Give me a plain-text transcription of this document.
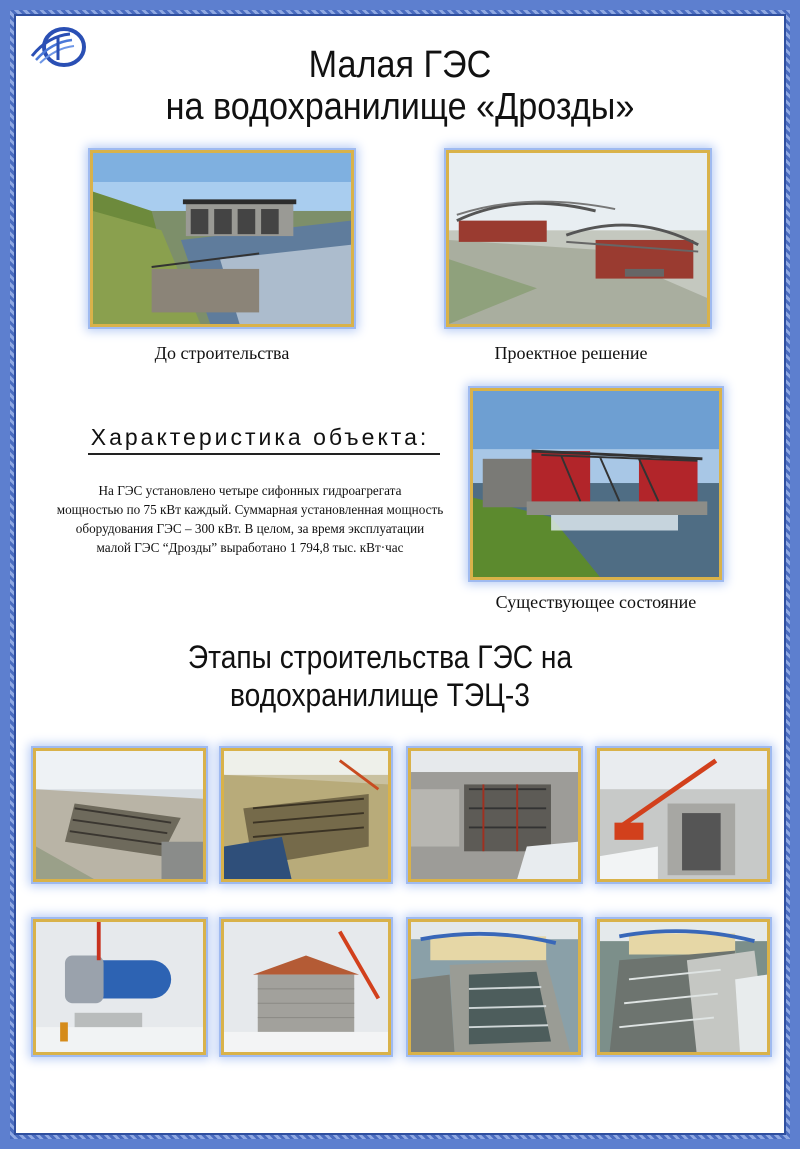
Малая ГЭС
на водохранилище «Дрозды»
До строительства	Проектное решение
Характеристика объекта:
На ГЭС установлено четыре сифонных гидроагрегата
мощностью по 75 кВт каждый. Суммарная установленная мощность
оборудования ГЭС – 300 кВт. В целом, за время эксплуатации
малой ГЭС “Дрозды” выработано 1 794,8 тыс. кВт·час
Существующее состояние
Этапы строительства ГЭС на
водохранилище ТЭЦ-3
